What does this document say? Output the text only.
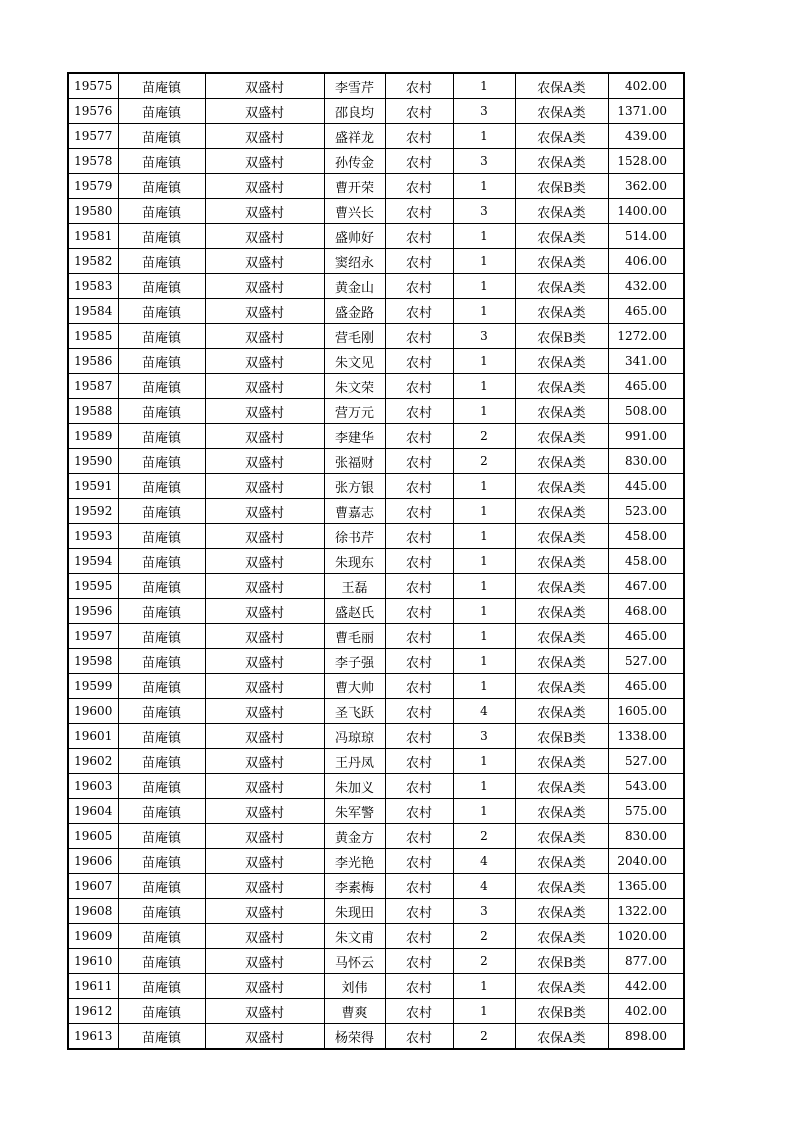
19575	苗庵镇	双盛村	李雪芹	农村	1	农保A类	402.00
19576	苗庵镇	双盛村	邵良均	农村	3	农保A类	1371.00
19577	苗庵镇	双盛村	盛祥龙	农村	1	农保A类	439.00
19578	苗庵镇	双盛村	孙传金	农村	3	农保A类	1528.00
19579	苗庵镇	双盛村	曹开荣	农村	1	农保B类	362.00
19580	苗庵镇	双盛村	曹兴长	农村	3	农保A类	1400.00
19581	苗庵镇	双盛村	盛帅好	农村	1	农保A类	514.00
19582	苗庵镇	双盛村	窦绍永	农村	1	农保A类	406.00
19583	苗庵镇	双盛村	黄金山	农村	1	农保A类	432.00
19584	苗庵镇	双盛村	盛金路	农村	1	农保A类	465.00
19585	苗庵镇	双盛村	营毛刚	农村	3	农保B类	1272.00
19586	苗庵镇	双盛村	朱文见	农村	1	农保A类	341.00
19587	苗庵镇	双盛村	朱文荣	农村	1	农保A类	465.00
19588	苗庵镇	双盛村	营万元	农村	1	农保A类	508.00
19589	苗庵镇	双盛村	李建华	农村	2	农保A类	991.00
19590	苗庵镇	双盛村	张福财	农村	2	农保A类	830.00
19591	苗庵镇	双盛村	张方银	农村	1	农保A类	445.00
19592	苗庵镇	双盛村	曹嘉志	农村	1	农保A类	523.00
19593	苗庵镇	双盛村	徐书芹	农村	1	农保A类	458.00
19594	苗庵镇	双盛村	朱现东	农村	1	农保A类	458.00
19595	苗庵镇	双盛村	王磊	农村	1	农保A类	467.00
19596	苗庵镇	双盛村	盛赵氏	农村	1	农保A类	468.00
19597	苗庵镇	双盛村	曹毛丽	农村	1	农保A类	465.00
19598	苗庵镇	双盛村	李子强	农村	1	农保A类	527.00
19599	苗庵镇	双盛村	曹大帅	农村	1	农保A类	465.00
19600	苗庵镇	双盛村	圣飞跃	农村	4	农保A类	1605.00
19601	苗庵镇	双盛村	冯琼琼	农村	3	农保B类	1338.00
19602	苗庵镇	双盛村	王丹凤	农村	1	农保A类	527.00
19603	苗庵镇	双盛村	朱加义	农村	1	农保A类	543.00
19604	苗庵镇	双盛村	朱军警	农村	1	农保A类	575.00
19605	苗庵镇	双盛村	黄金方	农村	2	农保A类	830.00
19606	苗庵镇	双盛村	李光艳	农村	4	农保A类	2040.00
19607	苗庵镇	双盛村	李素梅	农村	4	农保A类	1365.00
19608	苗庵镇	双盛村	朱现田	农村	3	农保A类	1322.00
19609	苗庵镇	双盛村	朱文甫	农村	2	农保A类	1020.00
19610	苗庵镇	双盛村	马怀云	农村	2	农保B类	877.00
19611	苗庵镇	双盛村	刘伟	农村	1	农保A类	442.00
19612	苗庵镇	双盛村	曹爽	农村	1	农保B类	402.00
19613	苗庵镇	双盛村	杨荣得	农村	2	农保A类	898.00
